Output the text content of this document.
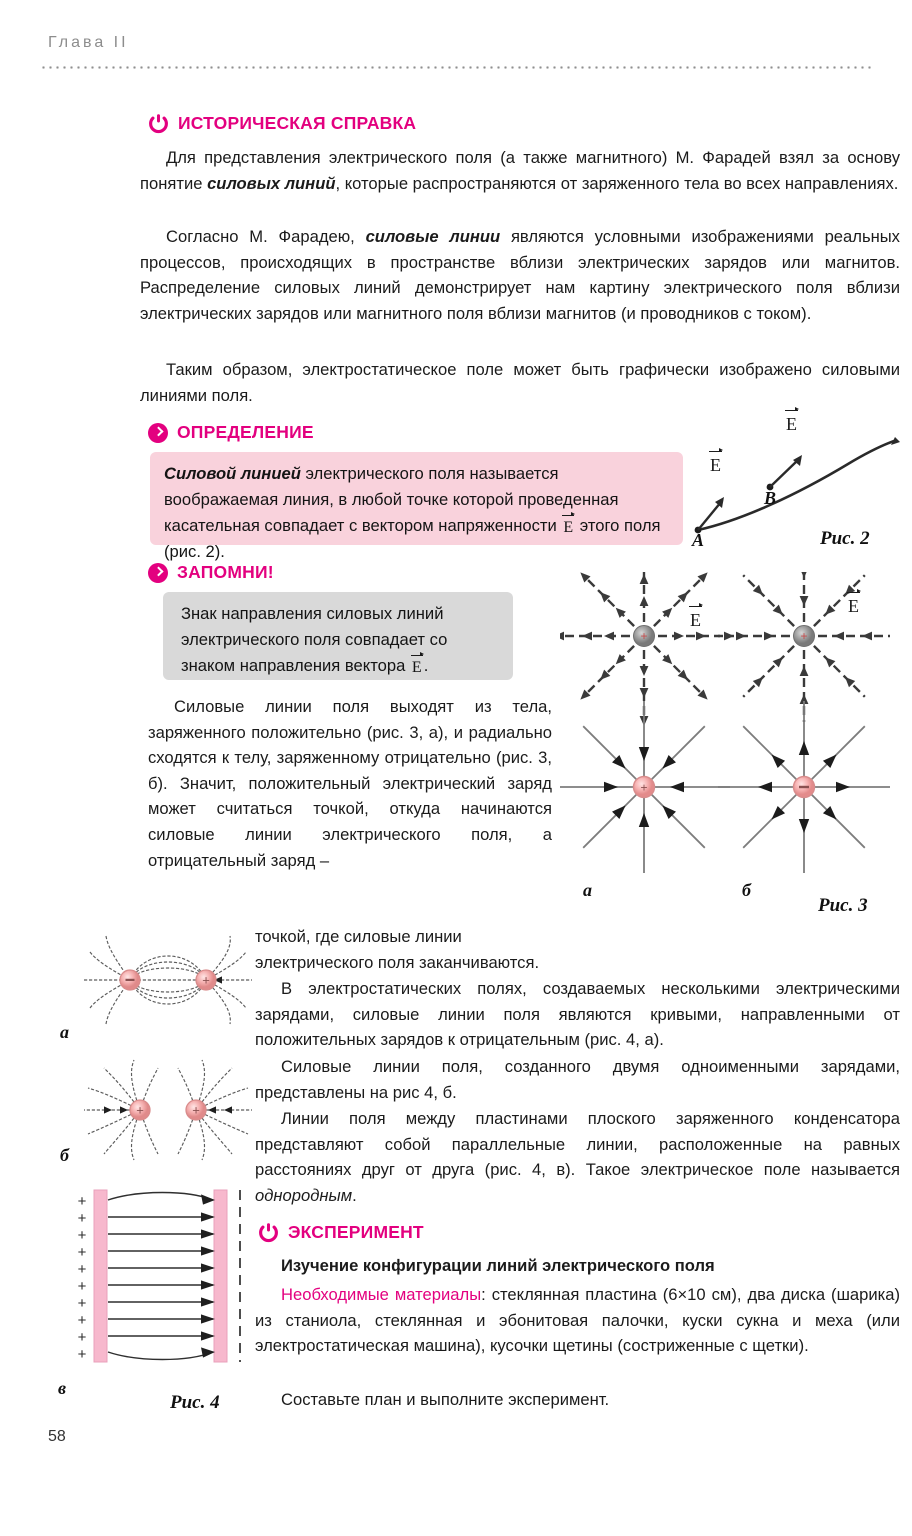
Глава II
ИСТОРИЧЕСКАЯ СПРАВКА
Для представления электрического поля (а также магнитного) М. Фарадей взял за основу понятие силовых линий, которые распространяются от заряженного тела во всех направлениях.
Согласно М. Фарадею, силовые линии являются условными изображениями реальных процессов, происходящих в пространстве вблизи электрических зарядов или магнитов. Распределение силовых линий демонстрирует нам картину электрического поля вблизи электрических зарядов или магнитного поля вблизи магнитов (и проводников с током).
Таким образом, электростатическое поле может быть графически изображено силовыми линиями поля.
ОПРЕДЕЛЕНИЕ
Силовой линией электрического поля называется воображаемая линия, в любой точке которой проведенная касательная совпадает с вектором напряженности E этого поля (рис. 2).
ЗАПОМНИ!
Знак направления силовых линий электрического поля совпадает со знаком направления вектора E .
Силовые линии поля выходят из тела, заряженного положительно (рис. 3, а), и радиально сходятся к телу, заряженному отрицательно (рис. 3, б). Значит, положительный электрический заряд может считаться точкой, откуда начинаются силовые линии электрического поля, а отрицательный заряд –
точкой, где силовые линии
электрического поля заканчиваются.
В электростатических полях, создаваемых несколькими электрическими зарядами, силовые линии поля являются кривыми, направленными от положительных зарядов к отрицательным (рис. 4, а).
Силовые линии поля, созданного двумя одноименными зарядами, представлены на рис 4, б.
Линии поля между пластинами плоского заряженного конденсатора представляют собой параллельные линии, расположенные на равных расстояниях друг от друга (рис. 4, в). Такое электрическое поле называется однородным.
ЭКСПЕРИМЕНТ
Изучение конфигурации линий электрического поля
Необходимые материалы: стеклянная пластина (6×10 см), два диска (шарика) из станиола, стеклянная и эбонитовая палочки, куски сукна и меха (или электростатическая машина), кусочки щетины (состриженные с щетки).
Составьте план и выполните эксперимент.
E
E
A
B
Рис. 2
+	+
+
E
E
а	б
Рис. 3
+
а
+	+
б
+
+
+
+
+
+
+
+
+
+
в
Рис. 4
58
